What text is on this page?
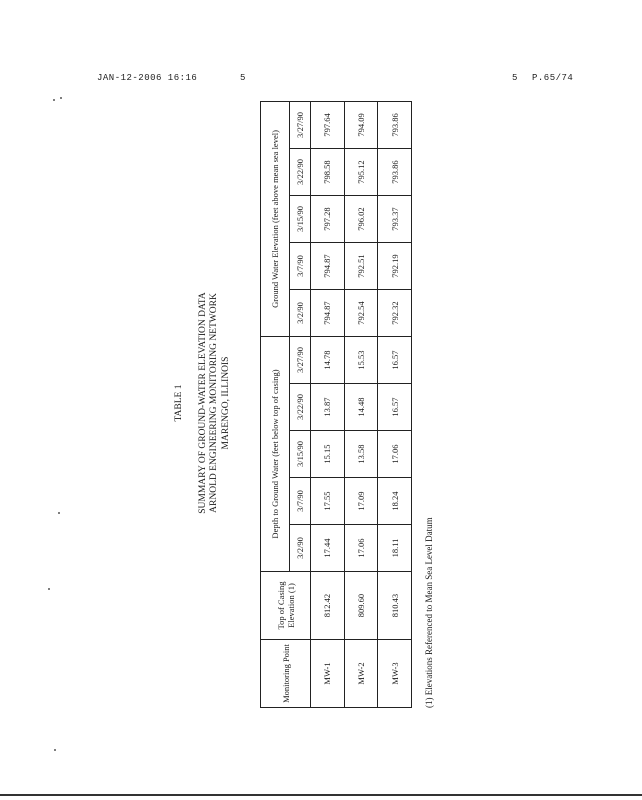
JAN-12-2006 16:16	5	5 P.65/74
TABLE 1 SUMMARY OF GROUND-WATER ELEVATION DATA ARNOLD ENGINEERING MONITORING NETWORK MARENGO, ILLINOIS
Monitoring Point	Top of Casing Elevation (1)	Depth to Ground Water (feet below top of casing)					Ground Water Elevation (feet above mean sea level)				
		3/2/90	3/7/90	3/15/90	3/22/90	3/27/90	3/2/90	3/7/90	3/15/90	3/22/90	3/27/90
MW-1	812.42	17.44	17.55	15.15	13.87	14.78	794.87	794.87	797.28	798.58	797.64
MW-2	809.60	17.06	17.09	13.58	14.48	15.53	792.54	792.51	796.02	795.12	794.09
MW-3	810.43	18.11	18.24	17.06	16.57	16.57	792.32	792.19	793.37	793.86	793.86
(1) Elevations Referenced to Mean Sea Level Datum
